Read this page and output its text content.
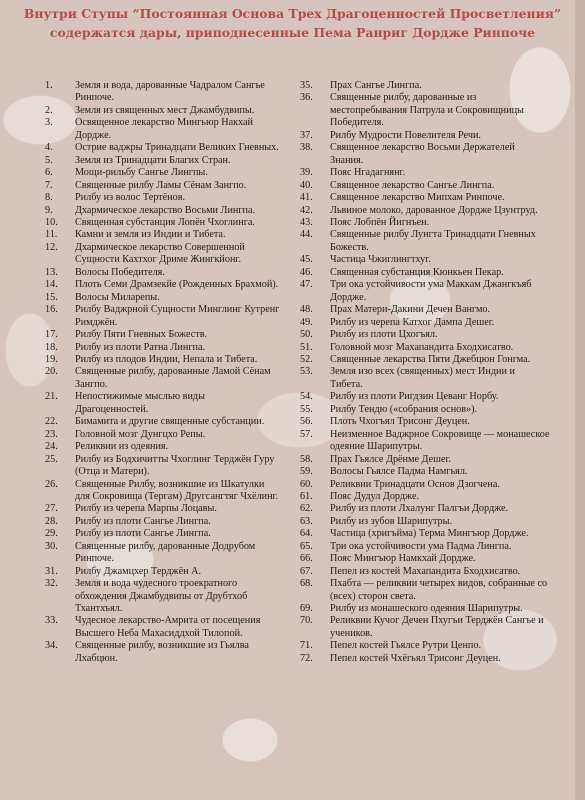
Внутри Ступы “Постоянная Основа Трех Драгоценностей Просветления” содержатся дары, приподнесенные Пема Ранриг Дордже Ринпоче
1.	Земля и вода, дарованные Чадралом Сангье Ринпоче.
2.	Земля из священных мест Джамбудвипы.
3.	Освященное лекарство Мингьюр Накхай Дордже.
4.	Острие ваджры Тринадцати Великих Гневных.
5.	Земля из Тринадцати Благих Стран.
6.	Мощи-рильбу Сангье Лингпы.
7.	Священные рилбу Ламы Сёнам Зангпо.
8.	Рилбу из волос Тертёнов.
9.	Дхармическое лекарство Восьми Лингпа.
10.	Священная субстанция Лопён Чхоглинга.
11.	Камни и земля из Индии и Тибета.
12.	Дхармическое лекарство Совершенной Сущности Кахтхог Дриме Жингкйонг.
13.	Волосы Победителя.
14.	Плоть Семи Драмзекйе (Рожденных Брахмой).
15.	Волосы Миларепы.
16.	Рилбу Ваджрной Сущности Минглинг Кутренг Римджён.
17.	Рилбу Пяти Гневных Божеств.
18.	Рилбу из плоти Ратна Лингпа.
19.	Рилбу из плодов Индии, Непала и Тибета.
20.	Священные рилбу, дарованные Ламой Сёнам Зангпо.
21.	Непостижимые мыслью виды Драгоценностей.
22.	Бимамита и другие священные субстанции.
23.	Головной мозг Дунгцхо Репы.
24.	Реликвии из одеяния.
25.	Рилбу из Бодхичитты Чхоглинг Терджён Гуру (Отца и Матери).
26.	Священные Рилбу, возникшие из Шкатулки для Сокровища (Тергам) Другсангтяг Чхёлинг.
27.	Рилбу из черепа Марпы Лоцавы.
28.	Рилбу из плоти Сангье Лингпа.
29.	Рилбу из плоти Сангье Лингпа.
30.	Священные рилбу, дарованные Додрубом Ринпоче.
31.	Рилбу Джамцхер Терджён А.
32.	Земля и вода чудесного троекратного обхождения Джамбудвипы от Друбтхоб Тхантхъял.
33.	Чудесное лекарство-Амрита от посещения Высшего Неба Махасиддхой Тилопой.
34.	Священные рилбу, возникшие из Гьялва Лхабцюн.
35.	Прах Сангье Лингпа.
36.	Священные рилбу, дарованные из местопребывания Патрула и Сокровищницы Победителя.
37.	Рилбу Мудрости Повелителя Речи.
38.	Священное лекарство Восьми Держателей Знания.
39.	Пояс Нгадагнянг.
40.	Священное лекарство Сангье Лингпа.
41.	Священное лекарство Мипхам Ринпоче.
42.	Львиное молоко, дарованное Дордже Цзунтруд.
43.	Пояс Лобпён Йигнъен.
44.	Священные рилбу Лунгта Тринадцати Гневных Божеств.
45.	Частица Чжиглингтхуг.
46.	Священная субстанция Кюнкьен Пекар.
47.	Три ока устойчивости ума Маккам Джангкъяб Дордже.
48.	Прах Матери-Дакини Дечен Вангмо.
49.	Рилбу из черепа Катхог Дампа Дешег.
50.	Рилбу из плоти Цхогъял.
51.	Головной мозг Махапандита Бходхисатво.
52.	Священные лекарства Пяти Джебцюн Гонгма.
53.	Земля изо всех (священных) мест Индии и Тибета.
54.	Рилбу из плоти Ригдзин Цеванг Норбу.
55.	Рилбу Тендю («собрания основ»).
56.	Плоть Чхогъял Трисонг Деуцен.
57.	Неизменное Ваджрное Сокровище — монашеское одеяние Шарипутры.
58.	Прах Гьялсе Дрёнме Дешег.
59.	Волосы Гьялсе Падма Намгьял.
60.	Реликвии Тринадцати Основ Дзогчена.
61.	Пояс Дудул Дордже.
62.	Рилбу из плоти Лхалунг Палгъи Дордже.
63.	Рилбу из зубов Шарипутры.
64.	Частица (хригъйма) Терма Мингъюр Дордже.
65.	Три ока устойчивости ума Падма Лингпа.
66.	Пояс Мингъюр Намкхай Дордже.
67.	Пепел из костей Махапандита Бходхисатво.
68.	Пхабта — реликвии четырех видов, собранные со (всех) сторон света.
69.	Рилбу из монашеского одеяния Шарипутры.
70.	Реликвии Кучог Дечен Пхугъи Терджён Сангье и учеников.
71.	Пепел костей Гьялсе Рутри Ценпо.
72.	Пепел костей Чхёгьял Трисонг Деуцен.
